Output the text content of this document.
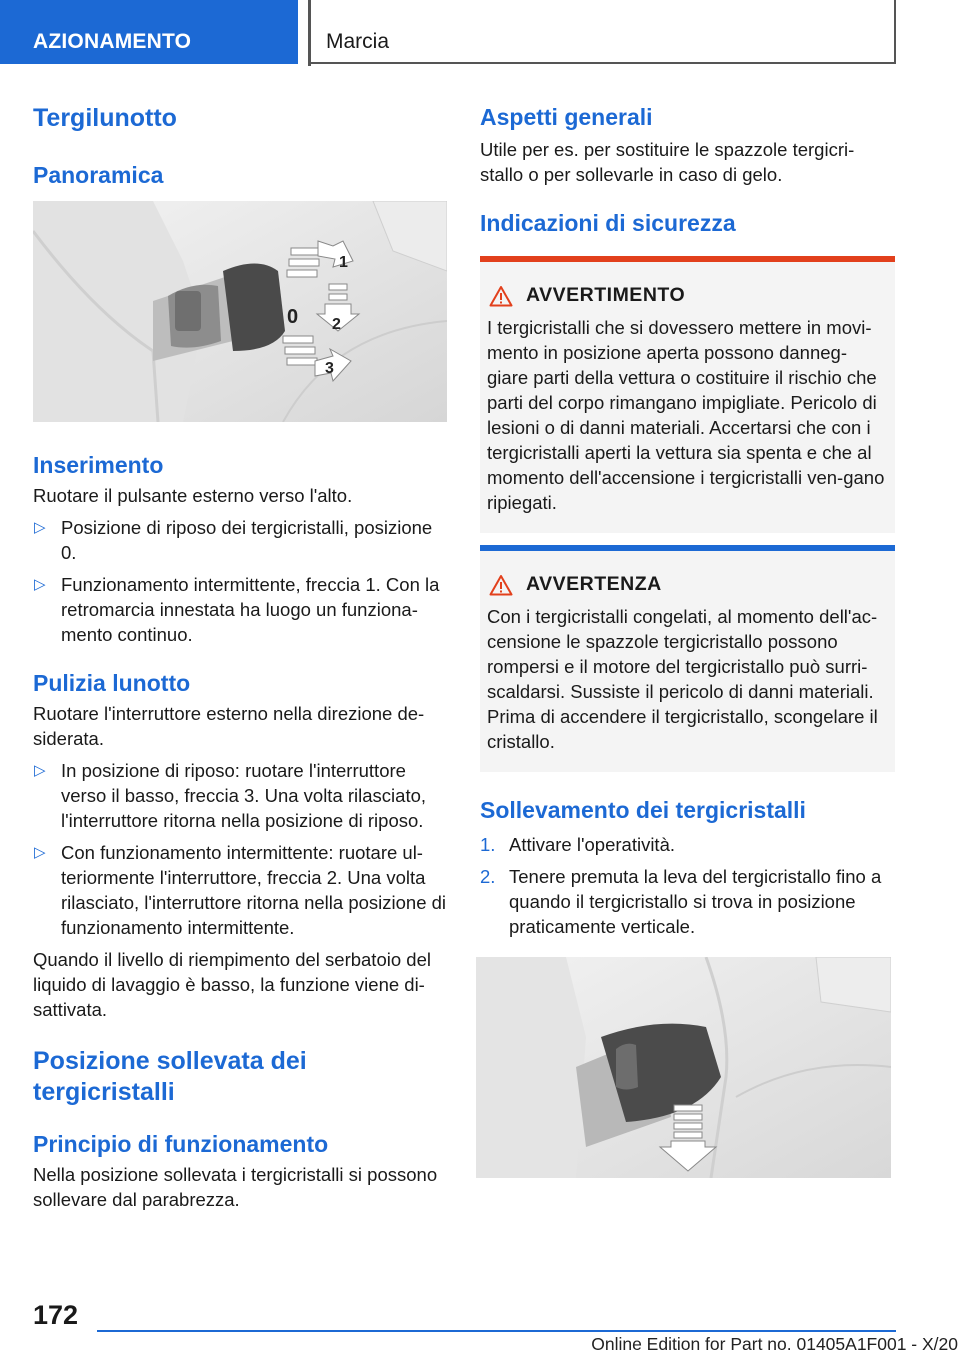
AZIONAMENTO	Marcia
Tergilunotto
Panoramica
1
0 2
3
Inserimento

Ruotare il pulsante esterno verso l'alto.

▷ Posizione di riposo dei tergicristalli, posizione 0.
▷ Funzionamento intermittente, freccia 1. Con la retromarcia innestata ha luogo un funziona-mento continuo.
Pulizia lunotto

Ruotare l'interruttore esterno nella direzione de-siderata.

▷ In posizione di riposo: ruotare l'interruttore verso il basso, freccia 3. Una volta rilasciato, l'interruttore ritorna nella posizione di riposo.
▷ Con funzionamento intermittente: ruotare ul-teriormente l'interruttore, freccia 2. Una volta rilasciato, l'interruttore ritorna nella posizione di funzionamento intermittente.

Quando il livello di riempimento del serbatoio del liquido di lavaggio è basso, la funzione viene di-sattivata.

Posizione sollevata dei tergicristalli
Principio di funzionamento

Nella posizione sollevata i tergicristalli si possono sollevare dal parabrezza.

Aspetti generali

Utile per es. per sostituire le spazzole tergicri-stallo o per sollevarle in caso di gelo.

Indicazioni di sicurezza
AVVERTIMENTO

I tergicristalli che si dovessero mettere in movi-mento in posizione aperta possono danneg-giare parti della vettura o costituire il rischio che parti del corpo rimangano impigliate. Pericolo di lesioni o di danni materiali. Accertarsi che con i tergicristalli aperti la vettura sia spenta e che al momento dell'accensione i tergicristalli ven-gano ripiegati.

AVVERTENZA

Con i tergicristalli congelati, al momento dell'ac-censione le spazzole tergicristallo possono rompersi e il motore del tergicristallo può surri-scaldarsi. Sussiste il pericolo di danni materiali. Prima di accendere il tergicristallo, scongelare il cristallo.

Sollevamento dei tergicristalli
1. Attivare l'operatività.
2. Tenere premuta la leva del tergicristallo fino a quando il tergicristallo si trova in posizione praticamente verticale.
172
Online Edition for Part no. 01405A1F001 - X/20
